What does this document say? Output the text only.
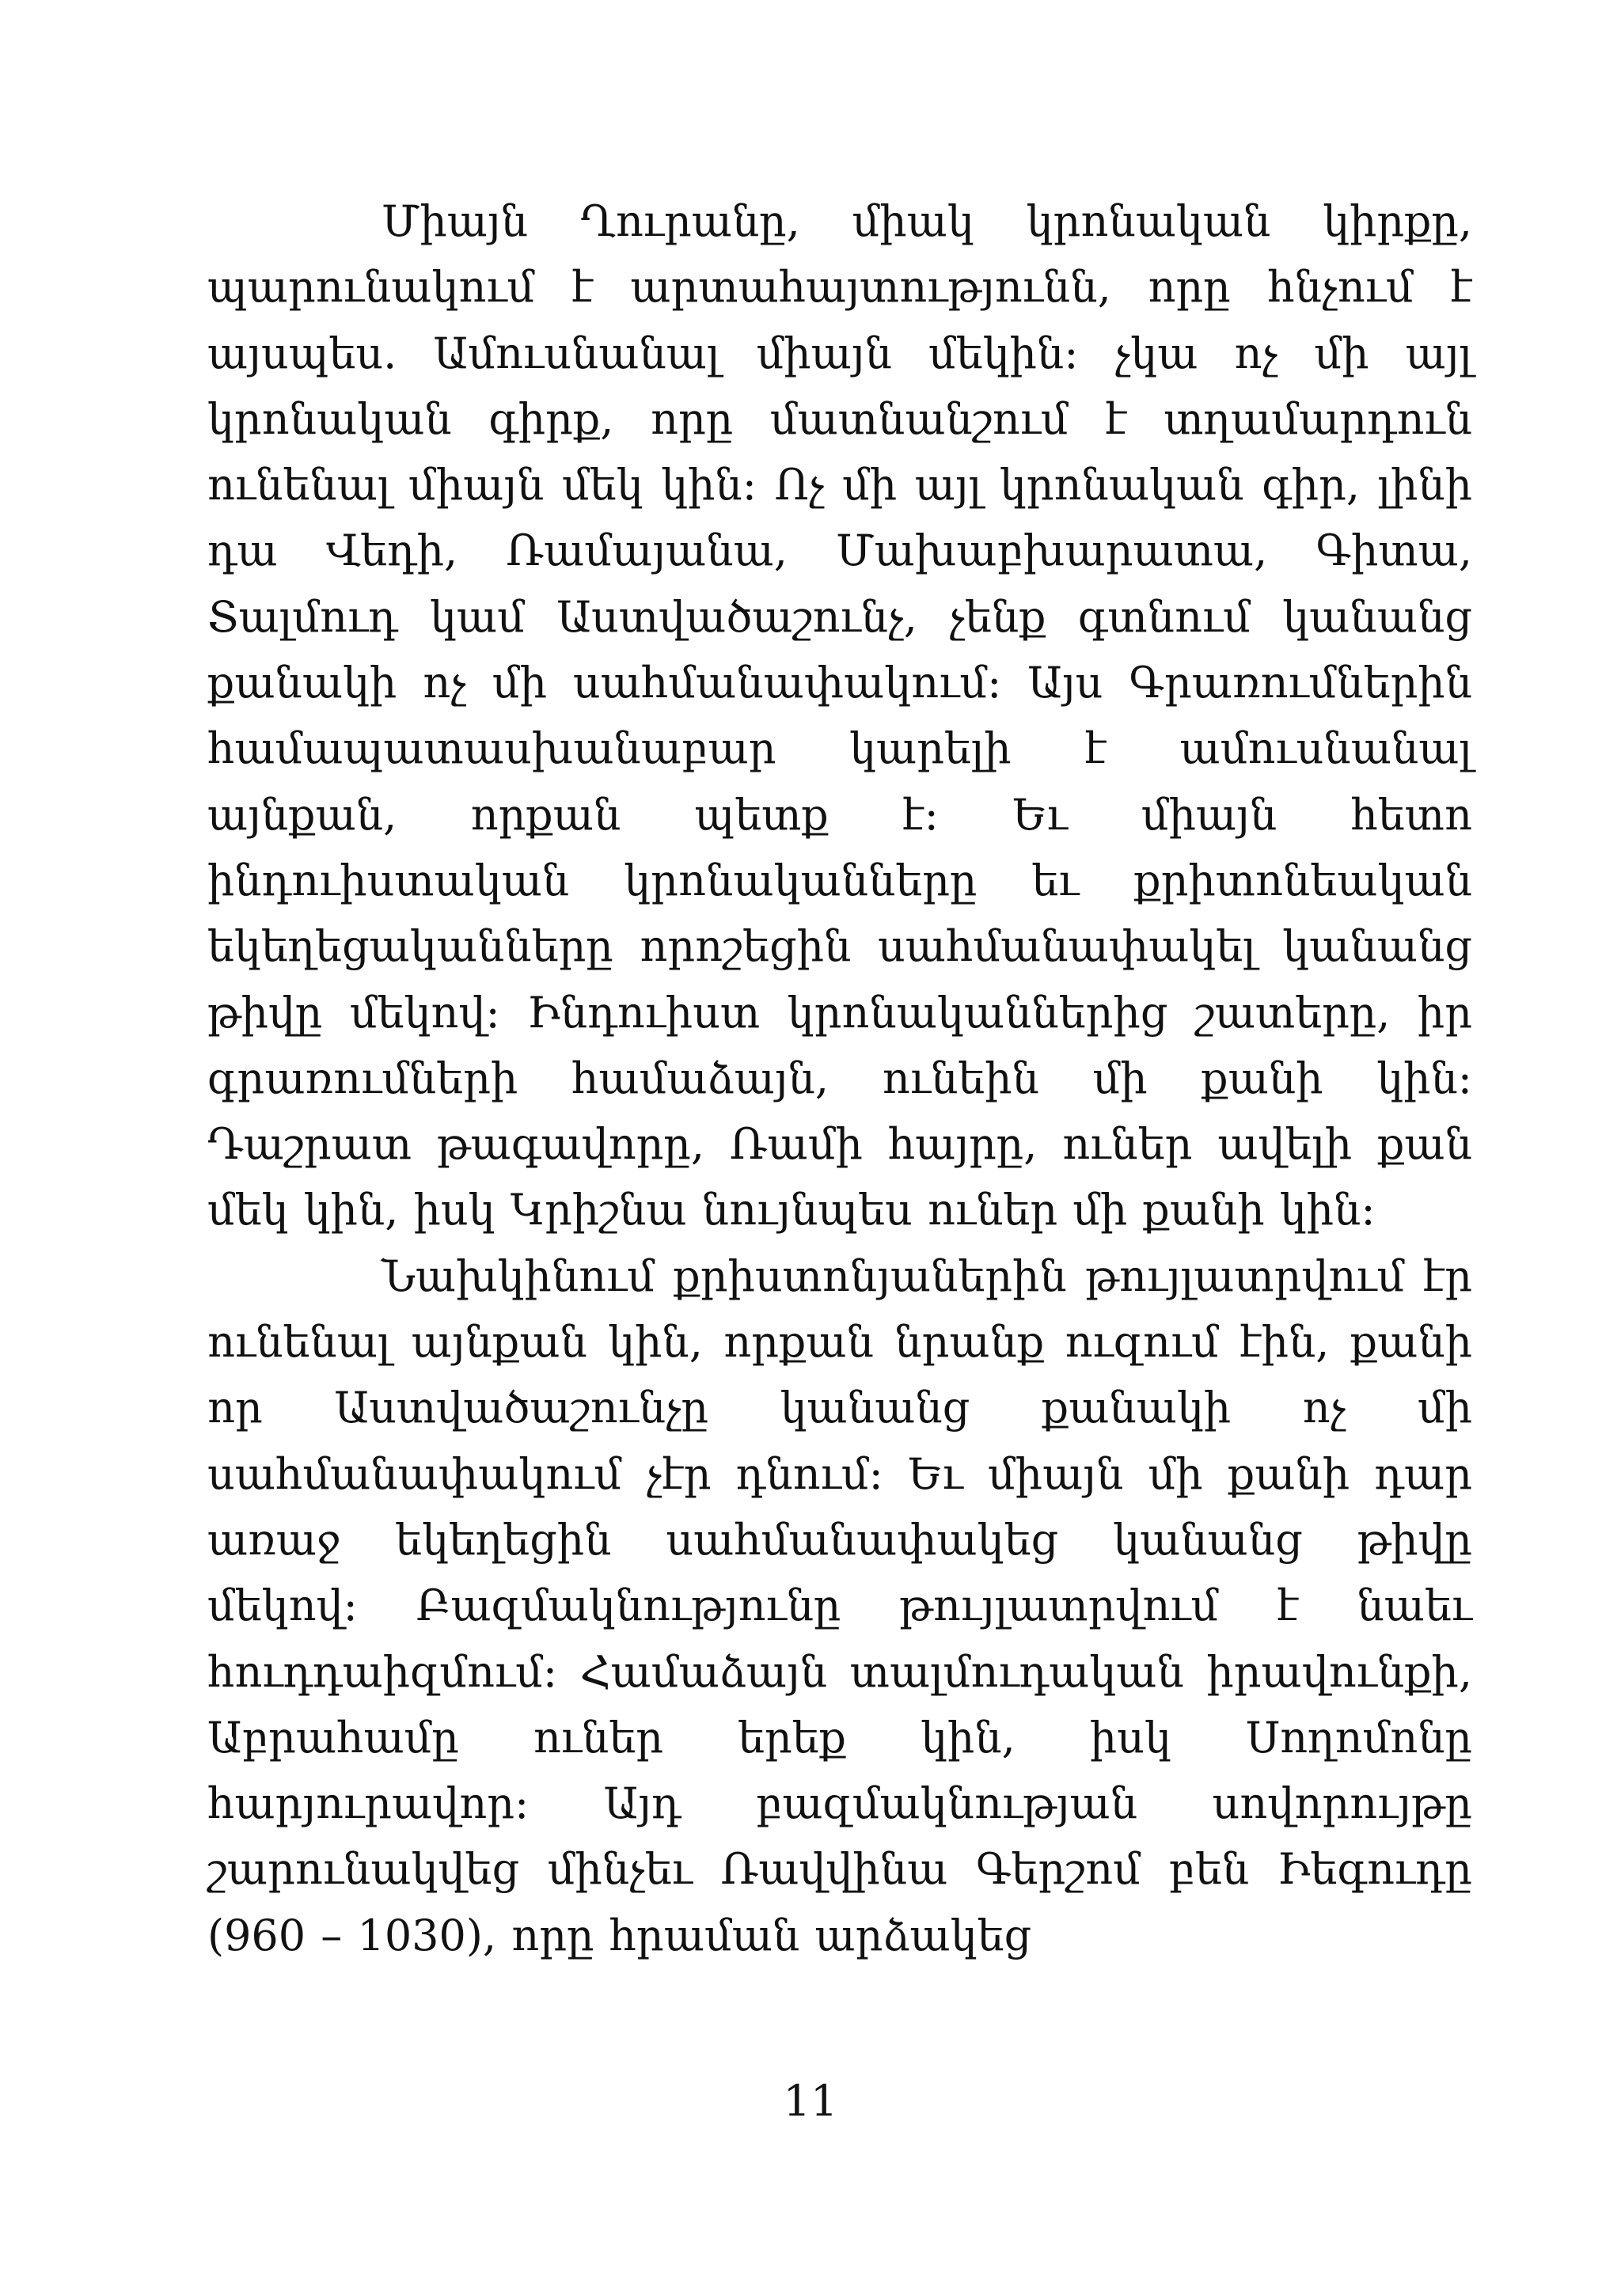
Միայն Ղուրանը, միակ կրոնական կիրքը, պարունակում է արտահայտությունն, որը հնչում է այսպես. Ամուսնանալ միայն մեկին: չկա ոչ մի այլ կրոնական գիրք, որը մատնանշում է տղամարդուն ունենալ միայն մեկ կին: Ոչ մի այլ կրոնական գիր, լինի դա Վեդի, Ռամայանա, Մախաբխարատա, Գիտա, Տալմուդ կամ Աստվածաշունչ, չենք գտնում կանանց քանակի ոչ մի սահմանափակում: Այս Գրառումներին համապատասխանաբար կարելի է ամուսնանալ այնքան, որքան պետք է: Եւ միայն հետո ինդուիստական կրոնականները եւ քրիտոնեական եկեղեցականները որոշեցին սահմանափակել կանանց թիվը մեկով: Ինդուիստ կրոնականներից շատերը, իր գրառումների համաձայն, ունեին մի քանի կին: Դաշրատ թագավորը, Ռամի հայրը, ուներ ավելի քան մեկ կին, իսկ Կրիշնա նույնպես ուներ մի քանի կին:

Նախկինում քրիստոնյաներին թույլատրվում էր ունենալ այնքան կին, որքան նրանք ուզում էին, քանի որ Աստվածաշունչը կանանց քանակի ոչ մի սահմանափակում չէր դնում: Եւ միայն մի քանի դար առաջ եկեղեցին սահմանափակեց կանանց թիվը մեկով: Բազմակնությունը թույլատրվում է նաեւ հուդդաիզմում: Համաձայն տալմուդական իրավունքի, Աբրահամը ուներ երեք կին, իսկ Սողոմոնը հարյուրավոր: Այդ բազմակնության սովորույթը շարունակվեց մինչեւ Ռավվինա Գերշոմ բեն Իեգուդը (960 – 1030), որը հրաման արձակեց

11
